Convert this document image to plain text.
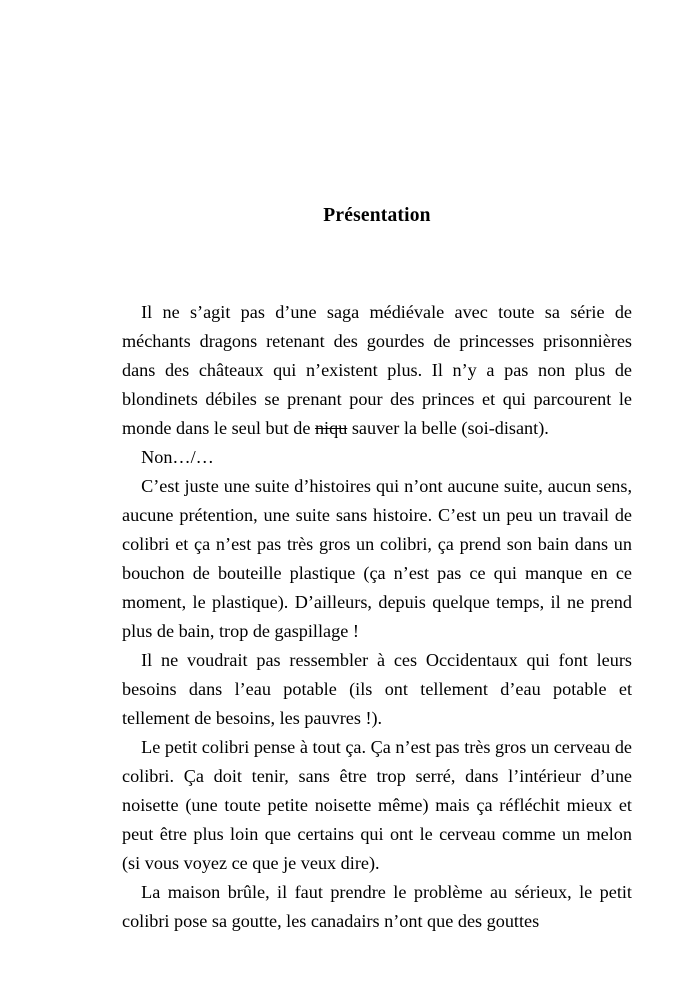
Présentation

Il ne s’agit pas d’une saga médiévale avec toute sa série de méchants dragons retenant des gourdes de princesses prisonnières dans des châteaux qui n’existent plus. Il n’y a pas non plus de blondinets débiles se prenant pour des princes et qui parcourent le monde dans le seul but de niqu sauver la belle (soi-disant).

Non…/…

C’est juste une suite d’histoires qui n’ont aucune suite, aucun sens, aucune prétention, une suite sans histoire. C’est un peu un travail de colibri et ça n’est pas très gros un colibri, ça prend son bain dans un bouchon de bouteille plastique (ça n’est pas ce qui manque en ce moment, le plastique). D’ailleurs, depuis quelque temps, il ne prend plus de bain, trop de gaspillage !

Il ne voudrait pas ressembler à ces Occidentaux qui font leurs besoins dans l’eau potable (ils ont tellement d’eau potable et tellement de besoins, les pauvres !).

Le petit colibri pense à tout ça. Ça n’est pas très gros un cerveau de colibri. Ça doit tenir, sans être trop serré, dans l’intérieur d’une noisette (une toute petite noisette même) mais ça réfléchit mieux et peut être plus loin que certains qui ont le cerveau comme un melon (si vous voyez ce que je veux dire).

La maison brûle, il faut prendre le problème au sérieux, le petit colibri pose sa goutte, les canadairs n’ont que des gouttes
